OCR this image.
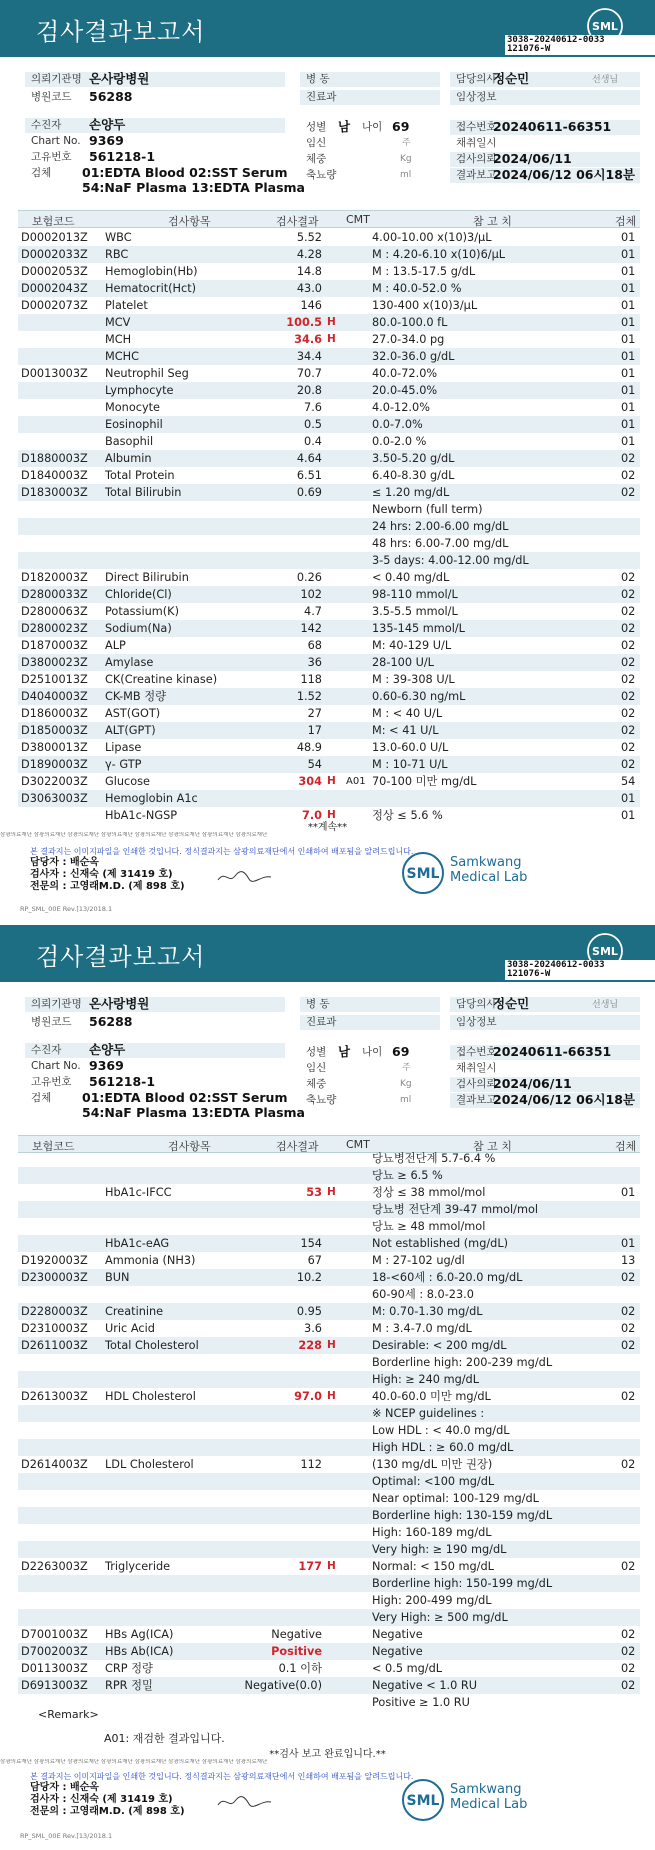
검사결과보고서	SML
3038-20240612-0033
121076-W
의뢰기관명 온사랑병원
병원코드	56288
병 동
진료과
담당의사
정순민	선생님
임상정보
수진자	손양두
Chart No. 9369
고유번호 561218-1
검체 01:EDTA Blood 02:SST Serum
54:NaF Plasma 13:EDTA Plasma
성별 남	나이 69
임신	주
체중	Kg
축뇨량	ml
접수번호
20240611-66351
채취일시
검사의뢰
2024/06/11
결과보고
2024/06/12 06시18분
보험코드	검사항목	검사결과 CMT	참 고 치	검체
D0002013Z WBC	5.52	4.00-10.00 x(10)3/μL	01
D0002033Z RBC	4.28	M : 4.20-6.10 x(10)6/μL	01
D0002053Z Hemoglobin(Hb)	14.8	M : 13.5-17.5 g/dL	01
D0002043Z Hematocrit(Hct)	43.0	M : 40.0-52.0 %	01
D0002073Z Platelet	146	130-400 x(10)3/μL	01
MCV	100.5 H	80.0-100.0 fL	01
MCH	34.6 H	27.0-34.0 pg	01
MCHC	34.4	32.0-36.0 g/dL	01
D0013003Z Neutrophil Seg	70.7	40.0-72.0%	01
Lymphocyte	20.8	20.0-45.0%	01
Monocyte	7.6	4.0-12.0%	01
Eosinophil	0.5	0.0-7.0%	01
Basophil	0.4	0.0-2.0 %	01
D1880003Z Albumin	4.64	3.50-5.20 g/dL	02
D1840003Z Total Protein	6.51	6.40-8.30 g/dL	02
D1830003Z Total Bilirubin	0.69	≤ 1.20 mg/dL	02
Newborn (full term)
24 hrs: 2.00-6.00 mg/dL
48 hrs: 6.00-7.00 mg/dL
3-5 days: 4.00-12.00 mg/dL
D1820003Z Direct Bilirubin	0.26	< 0.40 mg/dL	02
D2800033Z Chloride(Cl)	102	98-110 mmol/L	02
D2800063Z Potassium(K)	4.7	3.5-5.5 mmol/L	02
D2800023Z Sodium(Na)	142	135-145 mmol/L	02
D1870003Z ALP	68	M: 40-129 U/L	02
D3800023Z Amylase	36	28-100 U/L	02
D2510013Z CK(Creatine kinase)	118	M : 39-308 U/L	02
D4040003Z CK-MB 정량	1.52	0.60-6.30 ng/mL	02
D1860003Z AST(GOT)	27	M : < 40 U/L	02
D1850003Z ALT(GPT)	17	M: < 41 U/L	02
D3800013Z Lipase	48.9	13.0-60.0 U/L	02
D1890003Z γ- GTP	54	M : 10-71 U/L	02
D3022003Z Glucose	304 H	A01 70-100 미만 mg/dL	54
D3063003Z Hemoglobin A1c	01
HbA1c-NGSP	7.0 H	정상 ≤ 5.6 %	01
**계속**
삼광의료재단 삼광의료재단 삼광의료재단 삼광의료재단 삼광의료재단 삼광의료재단 삼광의료재단 삼광의료재단
본 결과지는 이미지파일을 인쇄한 것입니다. 정식결과지는 삼광의료재단에서 인쇄하여 배포됨을 알려드립니다.
담당자 : 배순옥
검사자 : 신재숙 (제 31419 호)
전문의 : 고영래M.D. (제 898 호)
SML
Samkwang
Medical Lab
RP_SML_00E Rev.[13/2018.1
검사결과보고서	SML
3038-20240612-0033
121076-W
의뢰기관명 온사랑병원
병원코드	56288
병 동
진료과
담당의사
정순민	선생님
임상정보
수진자	손양두
Chart No. 9369
고유번호 561218-1
검체 01:EDTA Blood 02:SST Serum
54:NaF Plasma 13:EDTA Plasma
성별 남	나이 69
임신	주
체중	Kg
축뇨량	ml
접수번호
20240611-66351
채취일시
검사의뢰
2024/06/11
결과보고
2024/06/12 06시18분
보험코드	검사항목	검사결과 CMT	참 고 치	검체
당뇨병전단계 5.7-6.4 %
당뇨 ≥ 6.5 %
HbA1c-IFCC	53 H	정상 ≤ 38 mmol/mol	01
당뇨병 전단계 39-47 mmol/mol
당뇨 ≥ 48 mmol/mol
HbA1c-eAG	154	Not established (mg/dL)	01
D1920003Z Ammonia (NH3)	67	M : 27-102 ug/dl	13
D2300003Z BUN	10.2	18-<60세 : 6.0-20.0 mg/dL	02
60-90세 : 8.0-23.0
D2280003Z Creatinine	0.95	M: 0.70-1.30 mg/dL	02
D2310003Z Uric Acid	3.6	M : 3.4-7.0 mg/dL	02
D2611003Z Total Cholesterol	228 H	Desirable: < 200 mg/dL	02
Borderline high: 200-239 mg/dL
High: ≥ 240 mg/dL
D2613003Z HDL Cholesterol	97.0 H	40.0-60.0 미만 mg/dL	02
※ NCEP guidelines :
Low HDL : < 40.0 mg/dL
High HDL : ≥ 60.0 mg/dL
D2614003Z LDL Cholesterol	112	(130 mg/dL 미만 권장)	02
Optimal: <100 mg/dL
Near optimal: 100-129 mg/dL
Borderline high: 130-159 mg/dL
High: 160-189 mg/dL
Very high: ≥ 190 mg/dL
D2263003Z Triglyceride	177 H	Normal: < 150 mg/dL	02
Borderline high: 150-199 mg/dL
High: 200-499 mg/dL
Very High: ≥ 500 mg/dL
D7001003Z HBs Ag(ICA)	Negative	Negative	02
D7002003Z HBs Ab(ICA)	Positive	Negative	02
D0113003Z CRP 정량	0.1 이하	< 0.5 mg/dL	02
D6913003Z RPR 정밀	Negative(0.0)	Negative < 1.0 RU	02
Positive ≥ 1.0 RU
<Remark>
A01: 재검한 결과입니다.
**검사 보고 완료입니다.**
삼광의료재단 삼광의료재단 삼광의료재단 삼광의료재단 삼광의료재단 삼광의료재단 삼광의료재단 삼광의료재단
본 결과지는 이미지파일을 인쇄한 것입니다. 정식결과지는 삼광의료재단에서 인쇄하여 배포됨을 알려드립니다.
담당자 : 배순옥
검사자 : 신재숙 (제 31419 호)
전문의 : 고영래M.D. (제 898 호)
SML
Samkwang
Medical Lab
RP_SML_00E Rev.[13/2018.1
